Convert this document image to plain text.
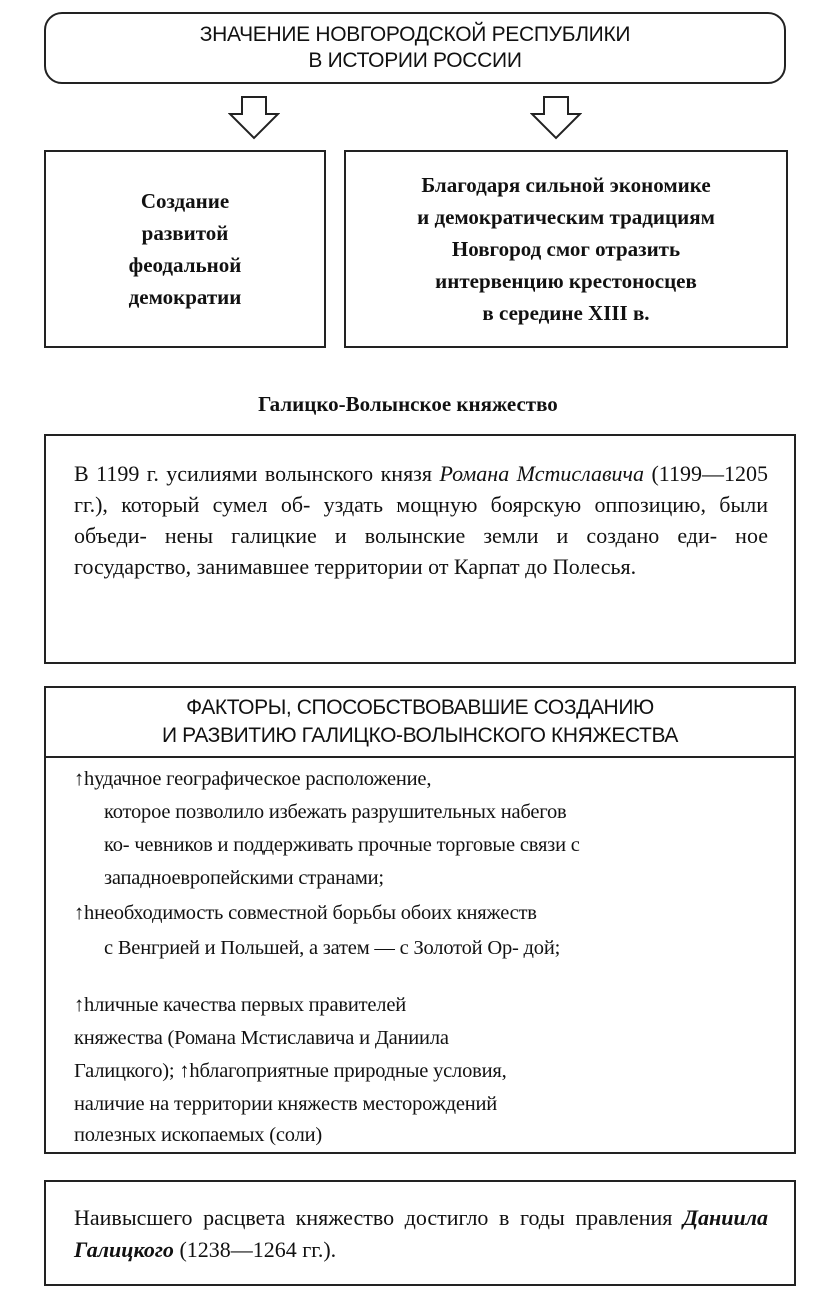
ЗНАЧЕНИЕ НОВГОРОДСКОЙ РЕСПУБЛИКИ
В ИСТОРИИ РОССИИ
Создание
развитой
феодальной
демократии
Благодаря сильной экономике
и демократическим традициям
Новгород смог отразить
интервенцию крестоносцев
в середине XIII в.
Галицко-Волынское княжество

В 1199 г. усилиями волынского князя Романа Мстиславича (1199—1205 гг.), который сумел об- уздать мощную боярскую оппозицию, были объеди- нены галицкие и волынские земли и создано еди- ное государство, занимавшее территории от Карпат до Полесья.

ФАКТОРЫ, СПОСОБСТВОВАВШИЕ СОЗДАНИЮ
И РАЗВИТИЮ ГАЛИЦКО-ВОЛЫНСКОГО КНЯЖЕСТВА
↑hудачное географическое расположение,
которое позволило избежать разрушительных набегов
ко- чевников и поддерживать прочные торговые связи с
западноевропейскими странами;
↑hнеобходимость совместной борьбы обоих княжеств
с Венгрией и Польшей, а затем — с Золотой Ор- дой;
↑hличные качества первых правителей
княжества (Романа Мстиславича и Даниила
Галицкого); ↑hблагоприятные природные условия,
наличие на территории княжеств месторождений
полезных ископаемых (соли)

Наивысшего расцвета княжество достигло в годы правления Даниила Галицкого (1238—1264 гг.).
